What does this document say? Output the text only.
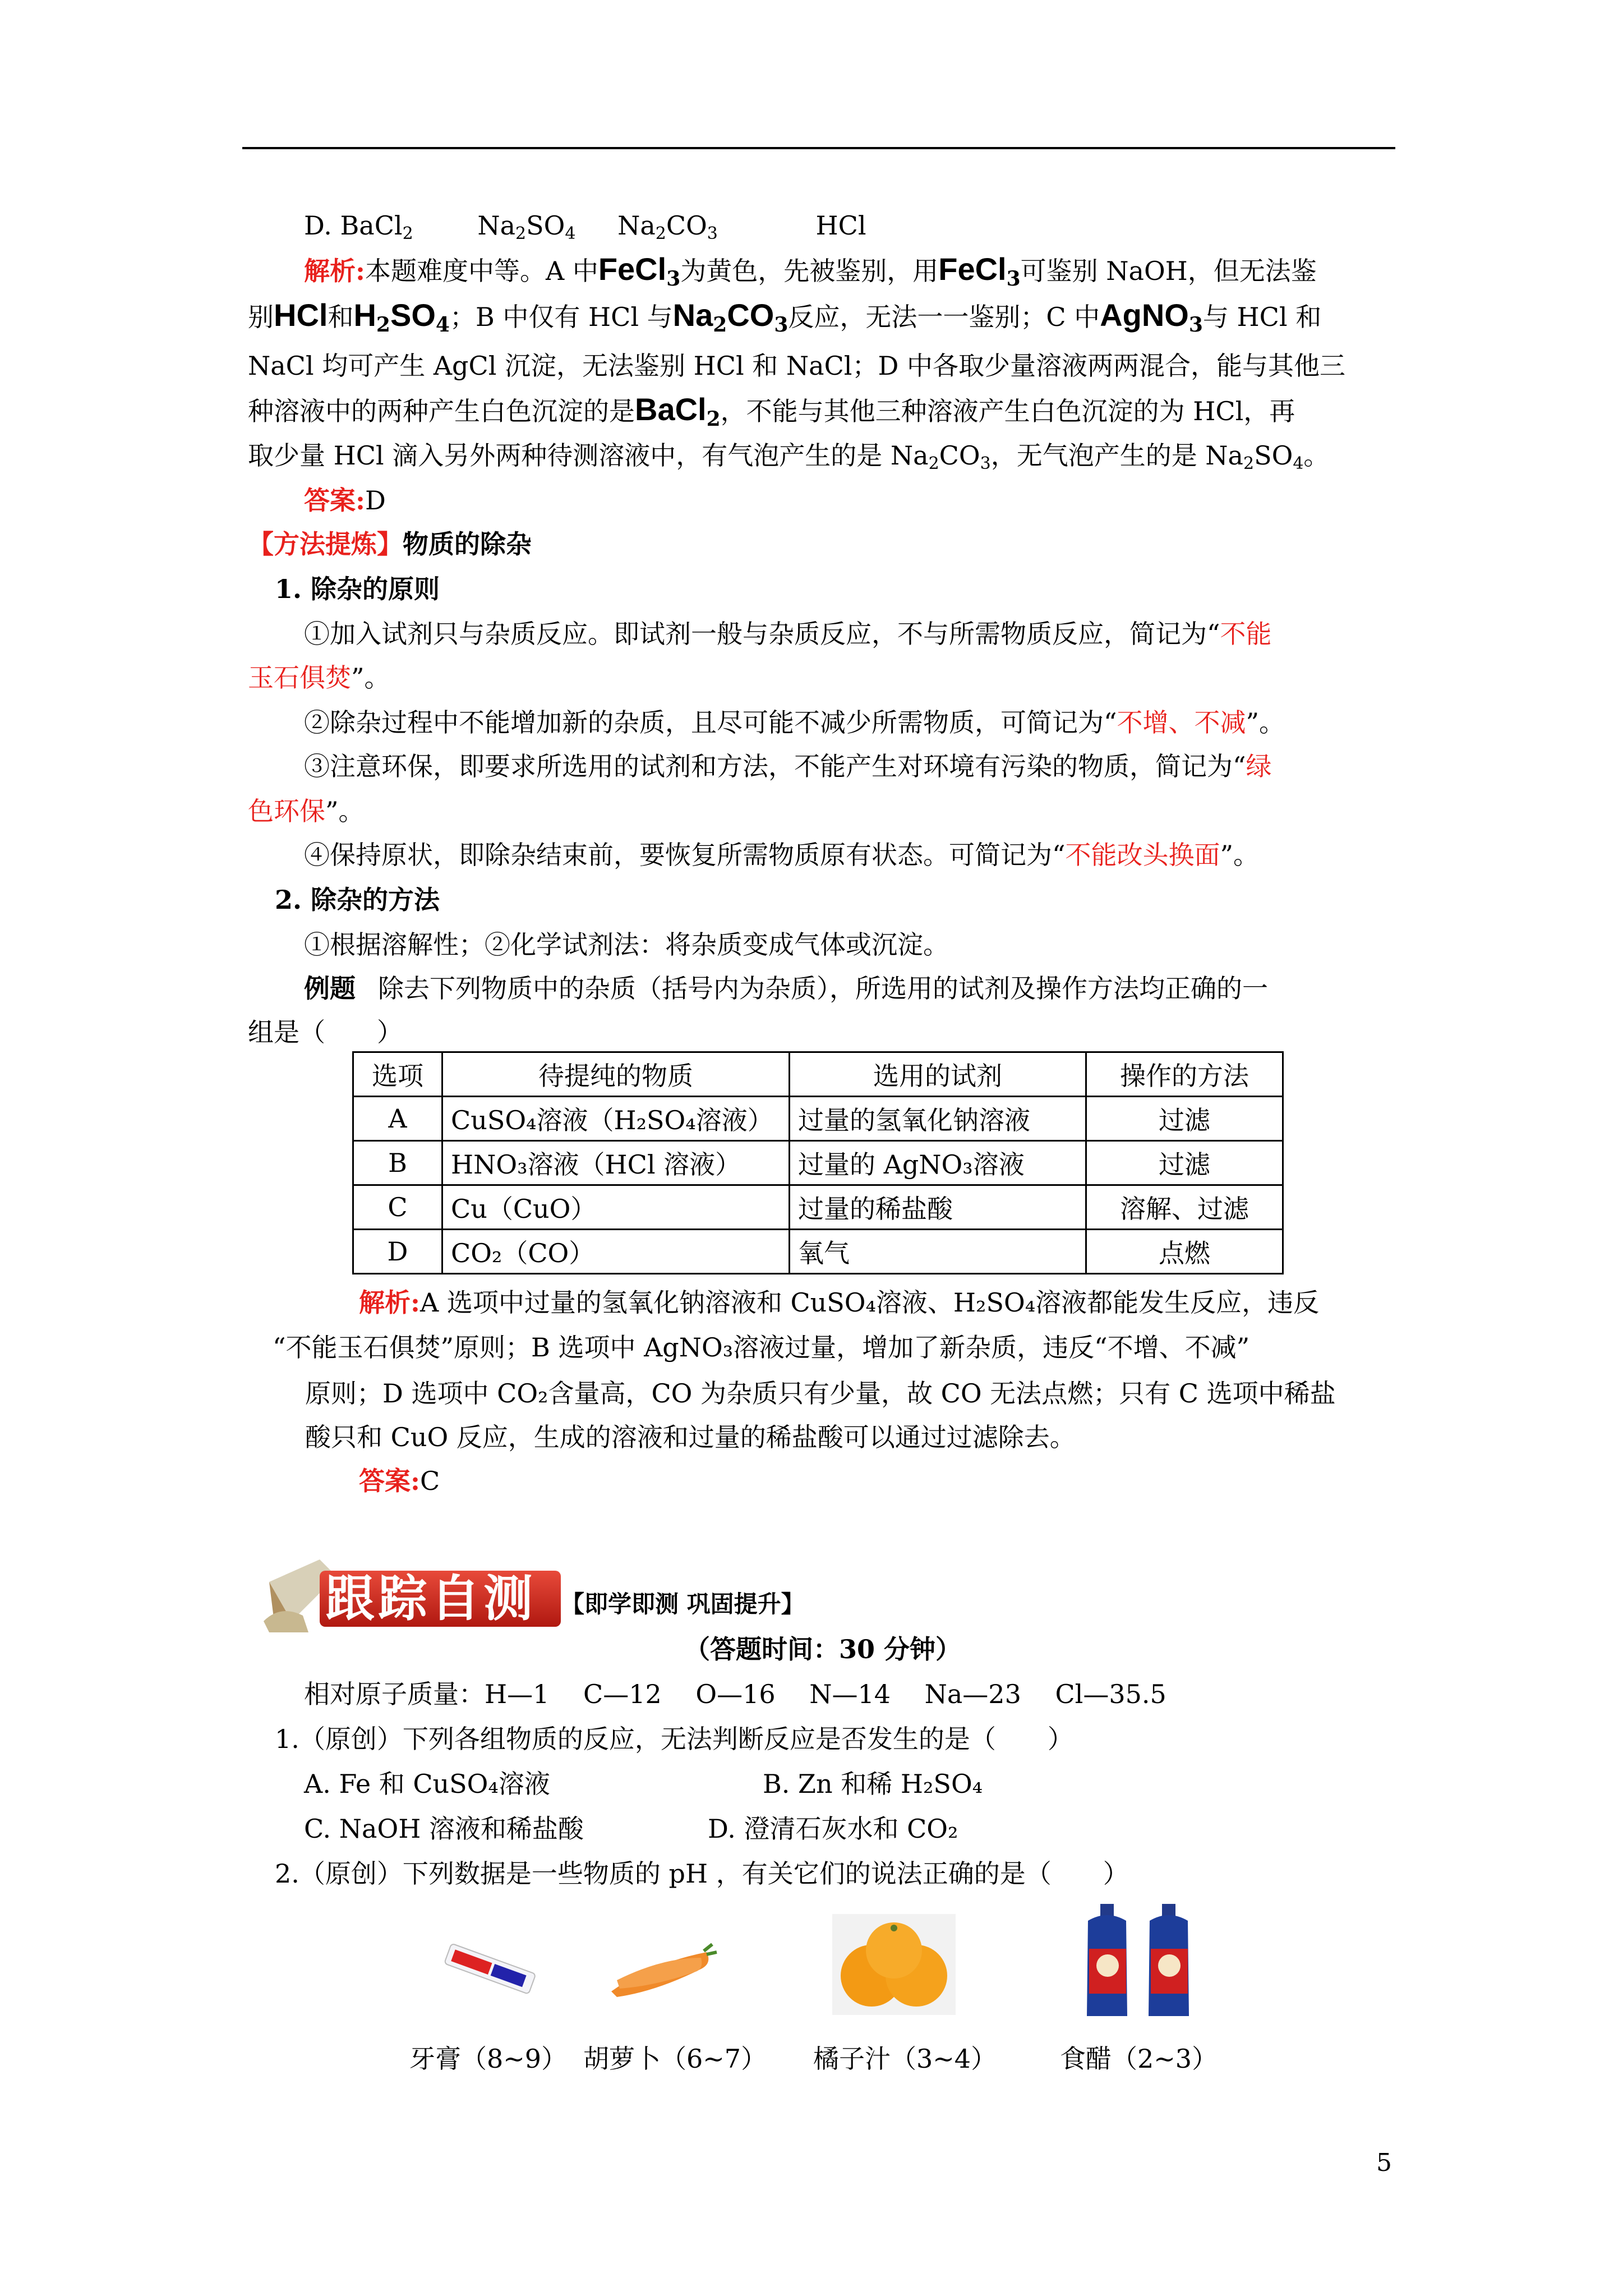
D. BaCl$_2$ $Na_2SO_4$ $Na_2CO_3$	HCl
解析:本题难度中等。A 中FeCl$_3$为黄色，先被鉴别，用FeCl$_3$可鉴别 NaOH，但无法鉴
别HCl和$H_2SO_4$；B 中仅有 HCl 与$Na_2CO_3$反应，无法一一鉴别；C 中AgNO$_3$与 HCl 和
NaCl 均可产生 AgCl 沉淀，无法鉴别 HCl 和 NaCl；D 中各取少量溶液两两混合，能与其他三
种溶液中的两种产生白色沉淀的是BaCl$_2$，不能与其他三种溶液产生白色沉淀的为 HCl，再
取少量 HCl 滴入另外两种待测溶液中，有气泡产生的是 $Na_2CO_3$，无气泡产生的是 $Na_2SO_4$。
答案:D
【方法提炼】物质的除杂
1. 除杂的原则
①加入试剂只与杂质反应。即试剂一般与杂质反应，不与所需物质反应，简记为“不能
玉石俱焚”。
②除杂过程中不能增加新的杂质，且尽可能不减少所需物质，可简记为“不增、不减”。
③注意环保，即要求所选用的试剂和方法，不能产生对环境有污染的物质，简记为“绿
色环保”。
④保持原状，即除杂结束前，要恢复所需物质原有状态。可简记为“不能改头换面”。
2. 除杂的方法
①根据溶解性；②化学试剂法：将杂质变成气体或沉淀。
例题 除去下列物质中的杂质（括号内为杂质），所选用的试剂及操作方法均正确的一
组是（　　）
选项	待提纯的物质	选用的试剂	操作的方法
A	CuSO₄溶液（H₂SO₄溶液）	过量的氢氧化钠溶液	过滤
B	HNO₃溶液（HCl 溶液）	过量的 AgNO₃溶液	过滤
C	Cu（CuO）	过量的稀盐酸	溶解、过滤
D	CO₂（CO）	氧气	点燃
解析:A 选项中过量的氢氧化钠溶液和 CuSO₄溶液、H₂SO₄溶液都能发生反应，违反
“不能玉石俱焚”原则；B 选项中 AgNO₃溶液过量，增加了新杂质，违反“不增、不减”
原则；D 选项中 CO₂含量高，CO 为杂质只有少量，故 CO 无法点燃；只有 C 选项中稀盐
酸只和 CuO 反应，生成的溶液和过量的稀盐酸可以通过过滤除去。
答案:C
跟踪自测 【即学即测 巩固提升】
（答题时间：30 分钟）
相对原子质量：H—1　 C—12　 O—16　 N—14　 Na—23　 Cl—35.5
1.（原创）下列各组物质的反应，无法判断反应是否发生的是（　　）
A. Fe 和 CuSO₄溶液	B. Zn 和稀 H₂SO₄
C. NaOH 溶液和稀盐酸	D. 澄清石灰水和 CO₂
2.（原创）下列数据是一些物质的 pH ，有关它们的说法正确的是（　　）
牙膏（8~9） 胡萝卜（6~7） 橘子汁（3~4） 食醋（2~3）
5
